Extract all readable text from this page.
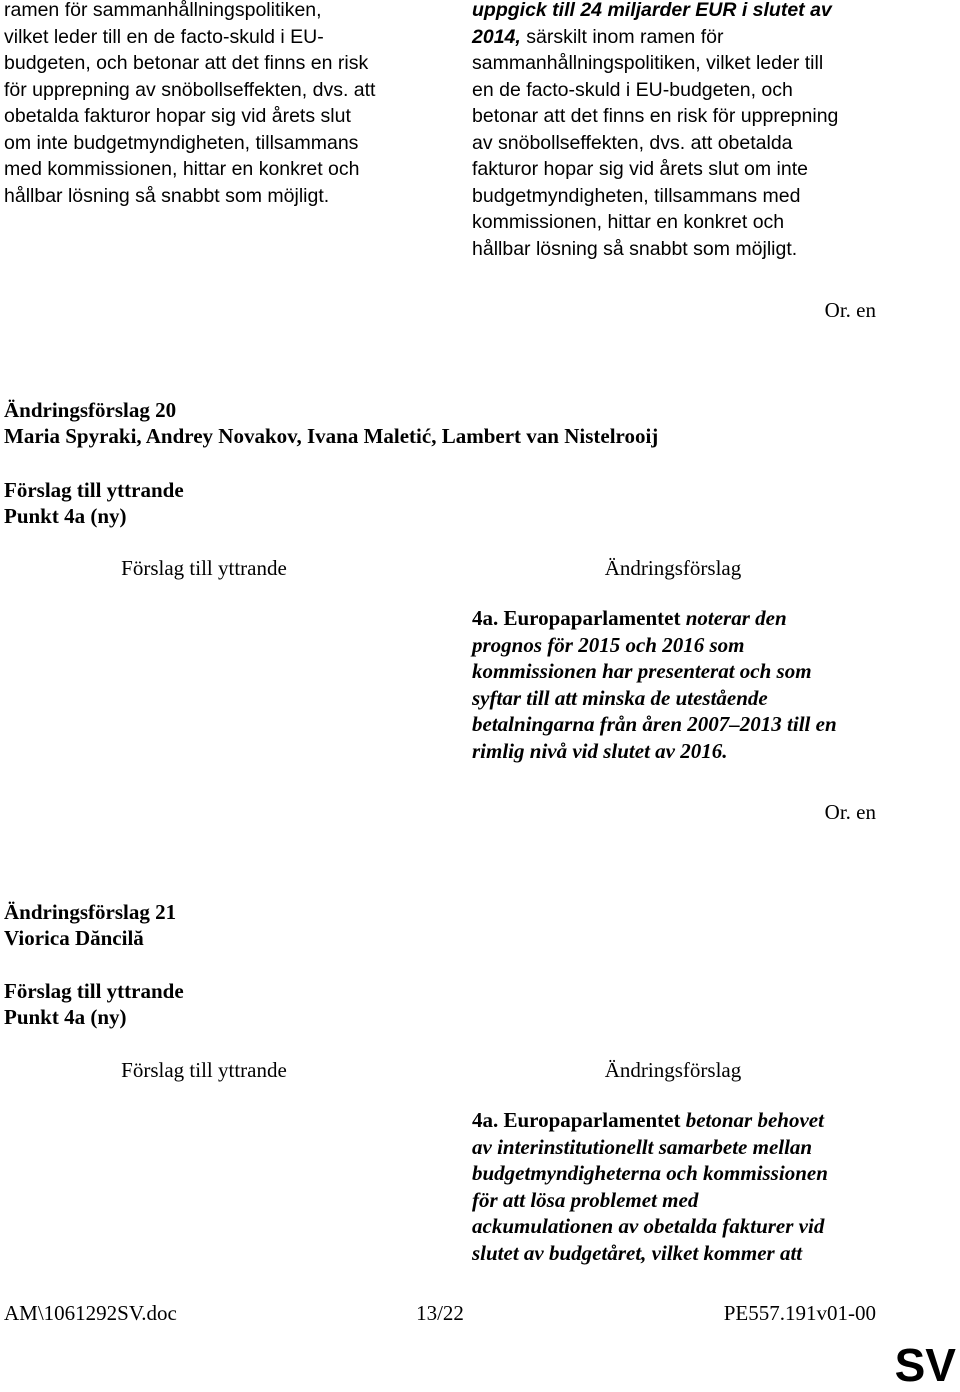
ramen för sammanhållningspolitiken,
vilket leder till en de facto-skuld i EU-
budgeten, och betonar att det finns en risk
för upprepning av snöbollseffekten, dvs. att
obetalda fakturor hopar sig vid årets slut
om inte budgetmyndigheten, tillsammans
med kommissionen, hittar en konkret och
hållbar lösning så snabbt som möjligt.
uppgick till 24 miljarder EUR i slutet av
2014, särskilt inom ramen för
sammanhållningspolitiken, vilket leder till
en de facto-skuld i EU-budgeten, och
betonar att det finns en risk för upprepning
av snöbollseffekten, dvs. att obetalda
fakturor hopar sig vid årets slut om inte
budgetmyndigheten, tillsammans med
kommissionen, hittar en konkret och
hållbar lösning så snabbt som möjligt.
Or. en
Ändringsförslag 20
Maria Spyraki, Andrey Novakov, Ivana Maletić, Lambert van Nistelrooij
Förslag till yttrande
Punkt 4a (ny)
Förslag till yttrande	Ändringsförslag
4a. Europaparlamentet noterar den
prognos för 2015 och 2016 som
kommissionen har presenterat och som
syftar till att minska de utestående
betalningarna från åren 2007–2013 till en
rimlig nivå vid slutet av 2016.
Or. en
Ändringsförslag 21
Viorica Dăncilă
Förslag till yttrande
Punkt 4a (ny)
Förslag till yttrande	Ändringsförslag
4a. Europaparlamentet betonar behovet
av interinstitutionellt samarbete mellan
budgetmyndigheterna och kommissionen
för att lösa problemet med
ackumulationen av obetalda fakturer vid
slutet av budgetåret, vilket kommer att
AM\1061292SV.doc	13/22	PE557.191v01-00
SV
